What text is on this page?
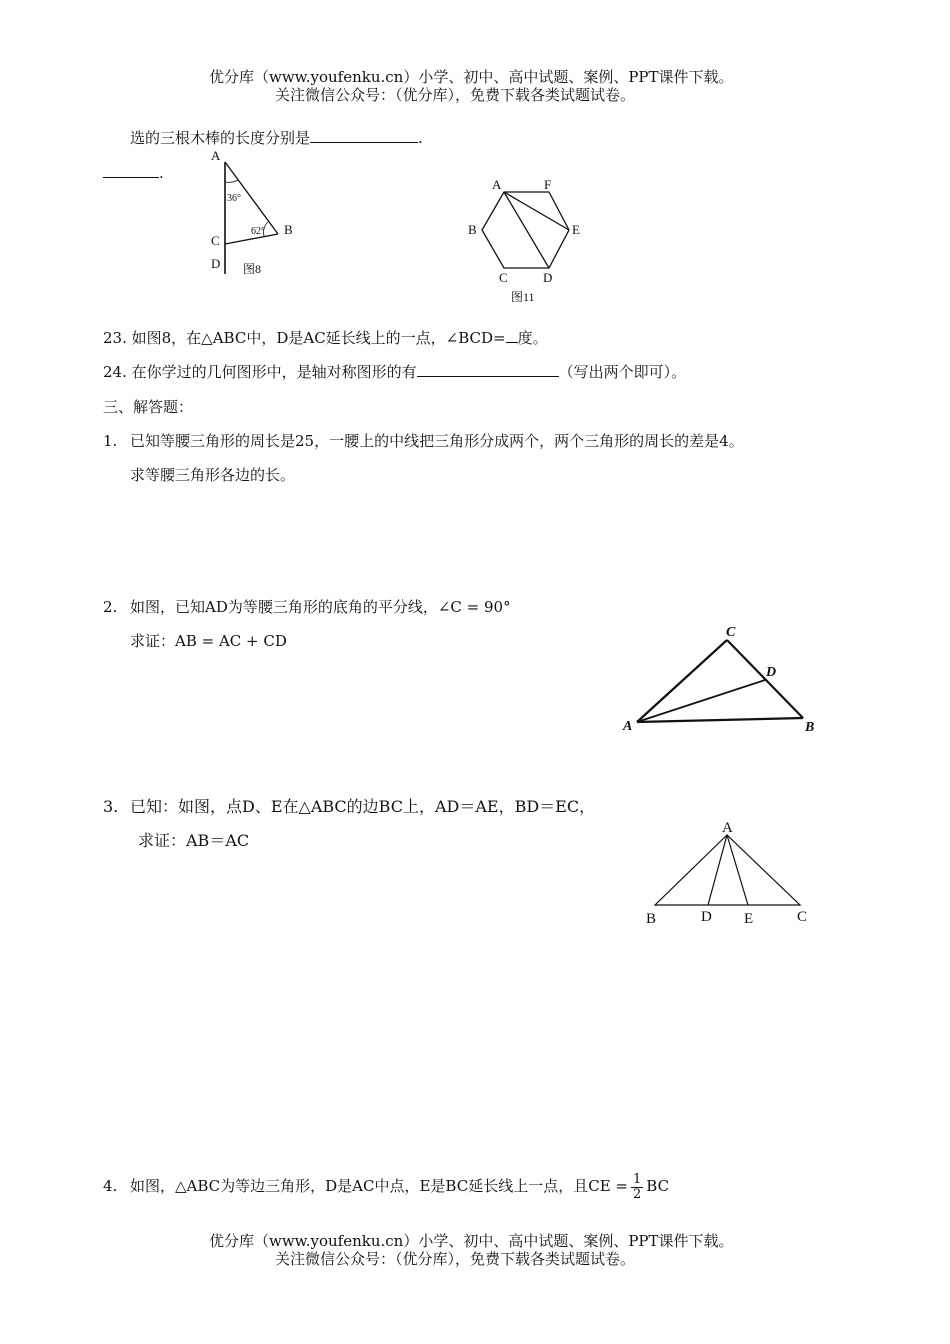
优分库（www.youfenku.cn）小学、初中、高中试题、案例、PPT课件下载。
关注微信公众号：（优分库），免费下载各类试题试卷。
选的三根木棒的长度分别是	.
.
A
B
C
D
36°
62°
图8
A	F
B	E
C	D
图11
23. 如图8，在△ABC中，D是AC延长线上的一点，∠BCD= 度。
24. 在你学过的几何图形中，是轴对称图形的有	（写出两个即可）。
三、解答题：
1. 已知等腰三角形的周长是25，一腰上的中线把三角形分成两个，两个三角形的周长的差是4。
求等腰三角形各边的长。
2. 如图，已知AD为等腰三角形的底角的平分线，∠C = 90°
求证：AB = AC + CD
A	B
C
D
3. 已知：如图，点D、E在△ABC的边BC上，AD＝AE，BD＝EC，
求证：AB＝AC
A
B	D E	C
4. 如图，△ABC为等边三角形，D是AC中点，E是BC延长线上一点，且CE = $\frac{1}{2}$ BC
优分库（www.youfenku.cn）小学、初中、高中试题、案例、PPT课件下载。
关注微信公众号：（优分库），免费下载各类试题试卷。
